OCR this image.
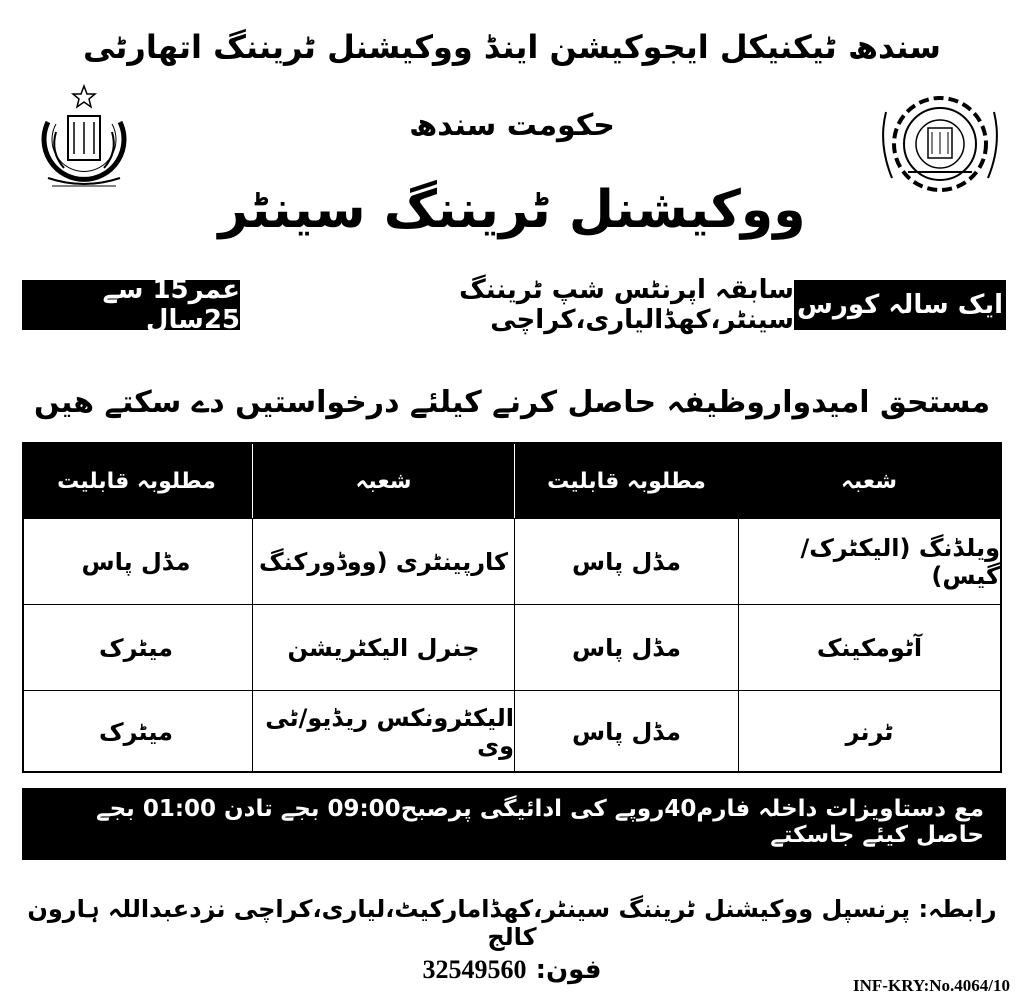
سندھ ٹیکنیکل ایجوکیشن اینڈ ووکیشنل ٹریننگ اتھارٹی
حکومت سندھ
ووکیشنل ٹریننگ سینٹر
ایک سالہ کورس
سابقہ اپرنٹس شپ ٹریننگ سینٹر،کھڈالیاری،کراچی
عمر15 سے 25سال
مستحق امیدواروظیفہ حاصل کرنے کیلئے درخواستیں دے سکتے ھیں
شعبہ
مطلوبہ قابلیت
شعبہ
مطلوبہ قابلیت
ویلڈنگ (الیکٹرک/ گیس)
مڈل پاس
کارپینٹری (ووڈورکنگ
مڈل پاس
آٹومکینک
مڈل پاس
جنرل الیکٹریشن
میٹرک
ٹرنر
مڈل پاس
الیکٹرونکس ریڈیو/ٹی وی
میٹرک
مع دستاویزات داخلہ فارم40روپے کی ادائیگی پرصبح09:00 بجے تادن 01:00 بجے حاصل کیئے جاسکتے
ہیں
رابطہ: پرنسپل ووکیشنل ٹریننگ سینٹر،کھڈامارکیٹ،لیاری،کراچی نزدعبداللہ ہارون کالج
فون: 32549560
INF-KRY:No.4064/10
